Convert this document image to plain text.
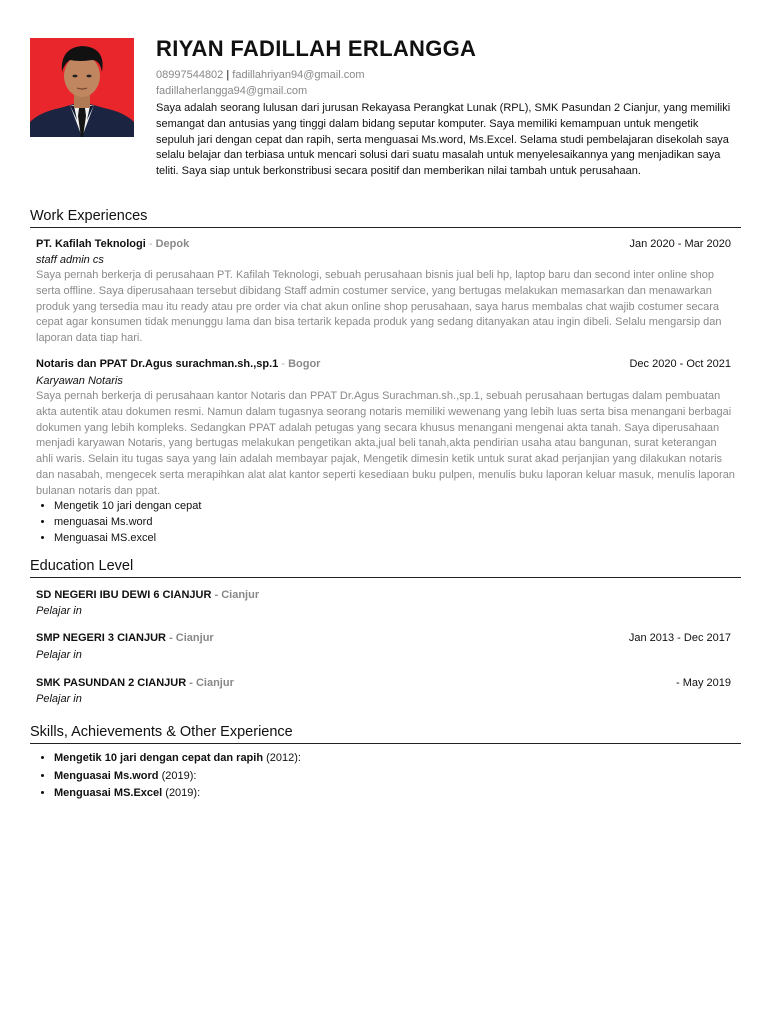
RIYAN FADILLAH ERLANGGA
08997544802 | fadillahriyan94@gmail.com
fadillaherlangga94@gmail.com
Saya adalah seorang lulusan dari jurusan Rekayasa Perangkat Lunak (RPL), SMK Pasundan 2 Cianjur, yang memiliki semangat dan antusias yang tinggi dalam bidang seputar komputer. Saya memiliki kemampuan untuk mengetik sepuluh jari dengan cepat dan rapih, serta menguasai Ms.word, Ms.Excel. Selama studi pembelajaran disekolah saya selalu belajar dan terbiasa untuk mencari solusi dari suatu masalah untuk menyelesaikannya yang menjadikan saya teliti. Saya siap untuk berkonstribusi secara positif dan memberikan nilai tambah untuk perusahaan.
Work Experiences
PT. Kafilah Teknologi - Depok	Jan 2020 - Mar 2020
staff admin cs
Saya pernah berkerja di perusahaan PT. Kafilah Teknologi, sebuah perusahaan bisnis jual beli hp, laptop baru dan second inter online shop serta offline. Saya diperusahaan tersebut dibidang Staff admin costumer service, yang bertugas melakukan memasarkan dan menawarkan produk yang tersedia mau itu ready atau pre order via chat akun online shop perusahaan, saya harus membalas chat wajib costumer secara cepat agar konsumen tidak menunggu lama dan bisa tertarik kepada produk yang sedang ditanyakan atau ingin dibeli. Selalu mengarsip dan laporan data tiap hari.
Notaris dan PPAT Dr.Agus surachman.sh.,sp.1 - Bogor	Dec 2020 - Oct 2021
Karyawan Notaris
Saya pernah berkerja di perusahaan kantor Notaris dan PPAT Dr.Agus Surachman.sh.,sp.1, sebuah perusahaan bertugas dalam pembuatan akta autentik atau dokumen resmi. Namun dalam tugasnya seorang notaris memiliki wewenang yang lebih luas serta bisa menangani berbagai dokumen yang lebih kompleks. Sedangkan PPAT adalah petugas yang secara khusus menangani mengenai akta tanah. Saya diperusahaan menjadi karyawan Notaris, yang bertugas melakukan pengetikan akta,jual beli tanah,akta pendirian usaha atau bangunan, surat keterangan ahli waris. Selain itu tugas saya yang lain adalah membayar pajak, Mengetik dimesin ketik untuk surat akad perjanjian yang dilakukan notaris dan nasabah, mengecek serta merapihkan alat alat kantor seperti kesediaan buku pulpen, menulis buku laporan keluar masuk, menulis laporan bulanan notaris dan ppat.
• Mengetik 10 jari dengan cepat
• menguasai Ms.word
• Menguasai MS.excel
Education Level
SD NEGERI IBU DEWI 6 CIANJUR - Cianjur
Pelajar in
SMP NEGERI 3 CIANJUR - Cianjur	Jan 2013 - Dec 2017
Pelajar in
SMK PASUNDAN 2 CIANJUR - Cianjur	- May 2019
Pelajar in
Skills, Achievements & Other Experience
• Mengetik 10 jari dengan cepat dan rapih (2012):
• Menguasai Ms.word (2019):
• Menguasai MS.Excel (2019):
